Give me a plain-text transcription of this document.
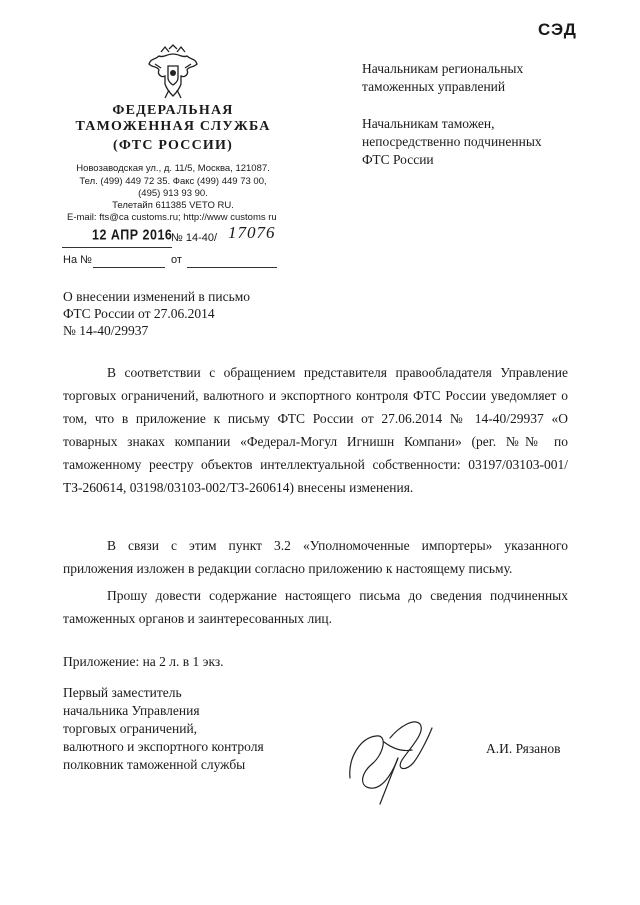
СЭД
ФЕДЕРАЛЬНАЯ
ТАМОЖЕННАЯ СЛУЖБА
(ФТС РОССИИ)
Новозаводская ул., д. 11/5, Москва, 121087.
Тел. (499) 449 72 35. Факс (499) 449 73 00,
(495) 913 93 90.
Телетайп 611385 VETO RU.
E-mail: fts@ca customs.ru; http://www customs ru
12 АПР 2016
№ 14-40/ 17076
На №	от
Начальникам региональных
таможенных управлений
Начальникам таможен,
непосредственно подчиненных
ФТС России
О внесении изменений в письмо
ФТС России от 27.06.2014
№ 14-40/29937
В соответствии с обращением представителя правообладателя Управление торговых ограничений, валютного и экспортного контроля ФТС России уведомляет о том, что в приложение к письму ФТС России от 27.06.2014 № 14-40/29937 «О товарных знаках компании «Федерал-Могул Игнишн Компани» (рег. №№ по таможенному реестру объектов интеллектуальной собственности: 03197/03103-001/ТЗ-260614, 03198/03103-002/ТЗ-260614) внесены изменения.
В связи с этим пункт 3.2 «Уполномоченные импортеры» указанного приложения изложен в редакции согласно приложению к настоящему письму.
Прошу довести содержание настоящего письма до сведения подчиненных таможенных органов и заинтересованных лиц.
Приложение: на 2 л. в 1 экз.
Первый заместитель
начальника Управления
торговых ограничений,
валютного и экспортного контроля
полковник таможенной службы
А.И. Рязанов
